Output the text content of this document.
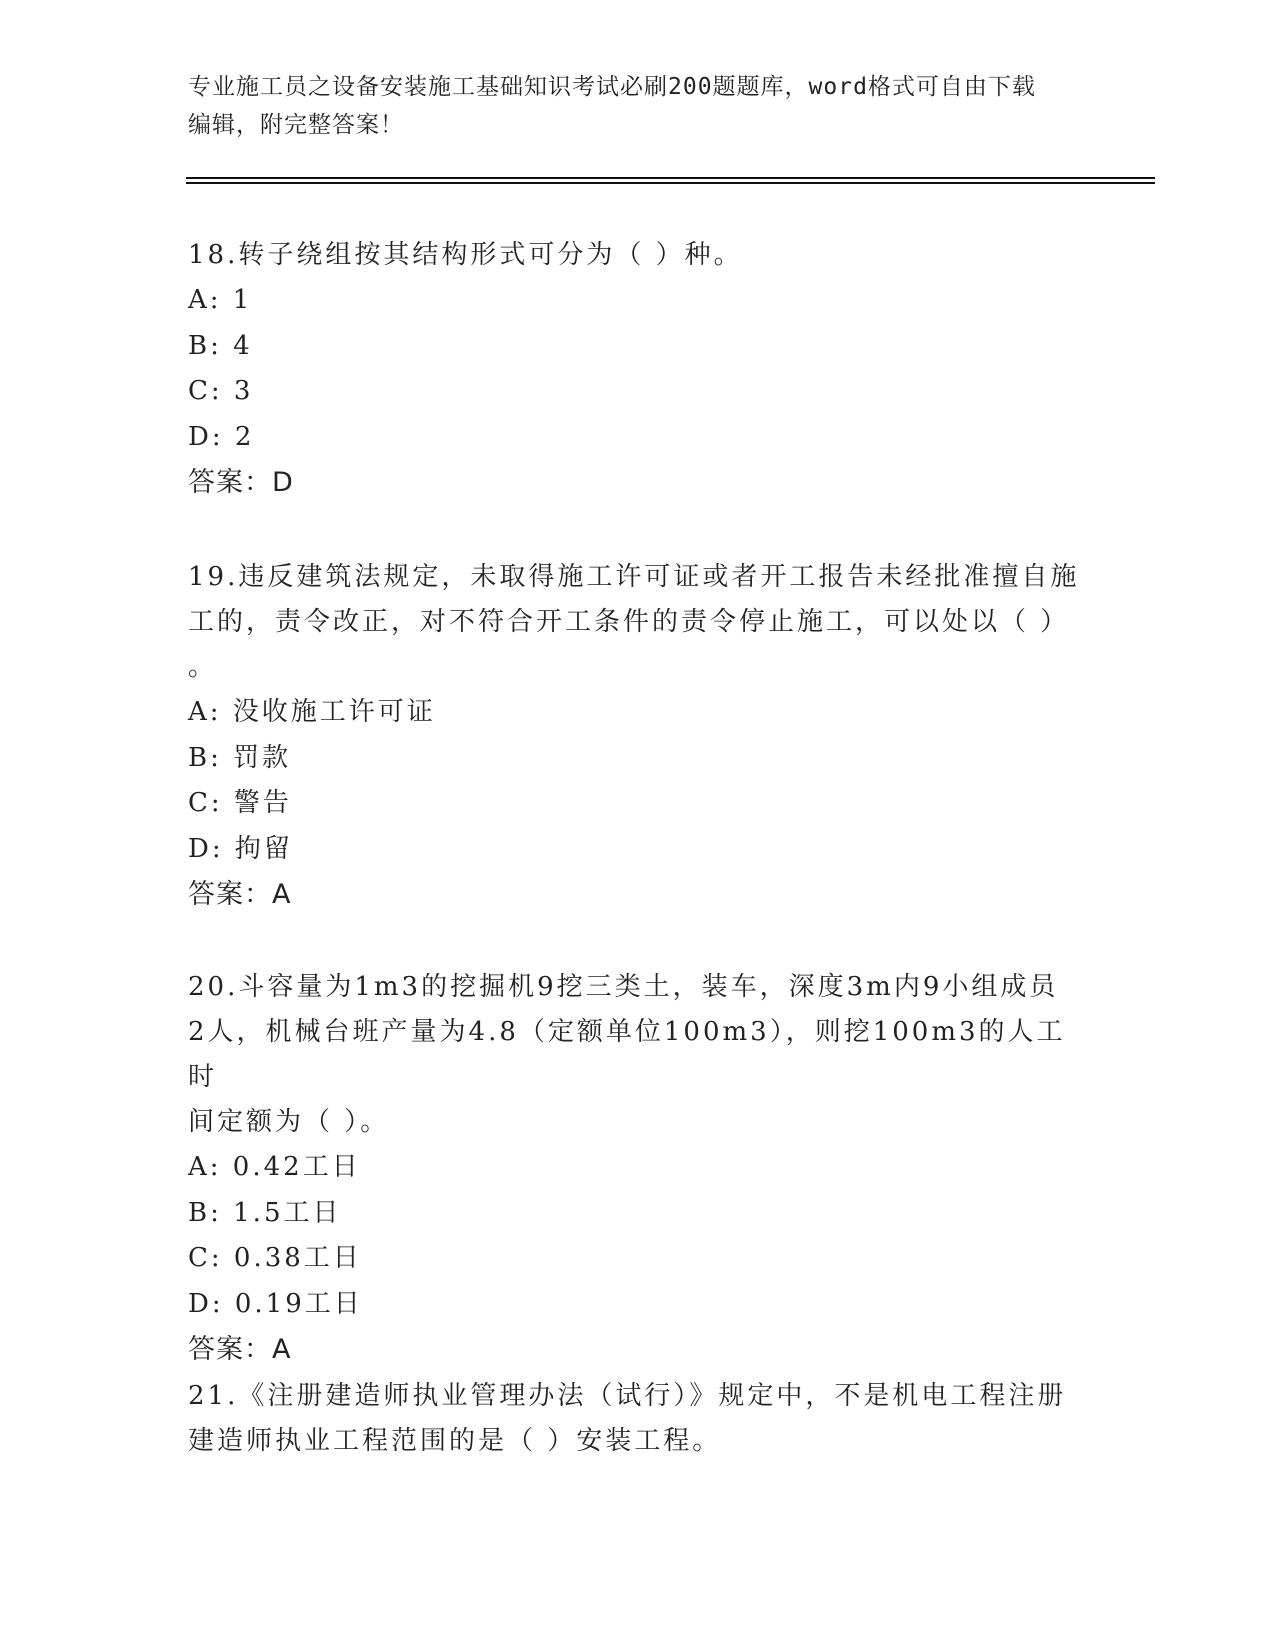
专业施工员之设备安装施工基础知识考试必刷200题题库，word格式可自由下载
编辑，附完整答案！
18.转子绕组按其结构形式可分为（ ）种。
A: 1
B: 4
C: 3
D: 2
答案：D
19.违反建筑法规定，未取得施工许可证或者开工报告未经批准擅自施
工的，责令改正，对不符合开工条件的责令停止施工，可以处以（ ）
。
A: 没收施工许可证
B: 罚款
C: 警告
D: 拘留
答案：A
20.斗容量为1m3的挖掘机9挖三类土，装车，深度3m内9小组成员
2人，机械台班产量为4.8（定额单位100m3），则挖100m3的人工时
间定额为（ ）。
A: 0.42工日
B: 1.5工日
C: 0.38工日
D: 0.19工日
答案：A
21.《注册建造师执业管理办法（试行）》规定中，不是机电工程注册
建造师执业工程范围的是（ ）安装工程。
